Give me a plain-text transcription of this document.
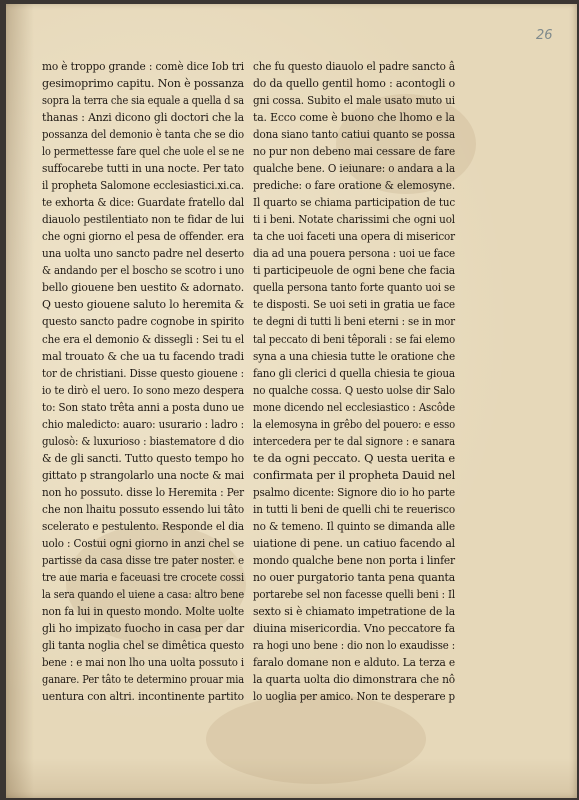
26
mo è troppo grande : comè dice Iob tri
gesimoprimo capitu. Non è possanza
sopra la terra che sia equale a quella d sa
thanas : Anzi dicono gli doctori che la
possanza del demonio è tanta che se dio
lo permettesse fare quel che uole el se ne
suffocarebe tutti in una nocte. Per tato
il propheta Salomone ecclesiastici.xi.ca.
te exhorta & dice: Guardate fratello dal
diauolo pestilentiato non te fidar de lui
che ogni giorno el pesa de offender. era
una uolta uno sancto padre nel deserto
& andando per el boscho se scotro i uno
bello giouene ben uestito & adornato.
Q uesto giouene saluto lo heremita &
questo sancto padre cognobe in spirito
che era el demonio & dissegli : Sei tu el
mal trouato & che ua tu facendo tradi
tor de christiani. Disse questo giouene :
io te dirò el uero. Io sono mezo despera
to: Son stato trêta anni a posta duno ue
chio maledicto: auaro: usurario : ladro :
gulosò: & luxurioso : biastematore d dio
& de gli sancti. Tutto questo tempo ho
gittato p strangolarlo una nocte & mai
non ho possuto. disse lo Heremita : Per
che non lhaitu possuto essendo lui tâto
scelerato e pestulento. Responde el dia
uolo : Costui ogni giorno in anzi chel se
partisse da casa disse tre pater noster. e
tre aue maria e faceuasi tre crocete cossi
la sera quando el uiene a casa: altro bene
non fa lui in questo mondo. Molte uolte
gli ho impizato fuocho in casa per dar
gli tanta noglia chel se dimêtica questo
bene : e mai non lho una uolta possuto i
ganare. Per tâto te determino prouar mia
uentura con altri. incontinente partito
che fu questo diauolo el padre sancto â
do da quello gentil homo : acontogli o
gni cossa. Subito el male usato muto ui
ta. Ecco come è buono che lhomo e la
dona siano tanto catiui quanto se possa
no pur non debeno mai cessare de fare
qualche bene. O ieiunare: o andara a la
prediche: o fare oratione & elemosyne.
Il quarto se chiama participation de tuc
ti i beni. Notate charissimi che ogni uol
ta che uoi faceti una opera di misericor
dia ad una pouera persona : uoi ue face
ti participeuole de ogni bene che facia
quella persona tanto forte quanto uoi se
te disposti. Se uoi seti in gratia ue face
te degni di tutti li beni eterni : se in mor
tal peccato di beni têporali : se fai elemo
syna a una chiesia tutte le oratione che
fano gli clerici d quella chiesia te gioua
no qualche cossa. Q uesto uolse dir Salo
mone dicendo nel ecclesiastico : Ascôde
la elemosyna in grêbo del pouero: e esso
intercedera per te dal signore : e sanara
te da ogni peccato. Q uesta uerita e
confirmata per il propheta Dauid nel
psalmo dicente: Signore dio io ho parte
in tutti li beni de quelli chi te reuerisco
no & temeno. Il quinto se dimanda alle
uiatione di pene. un catiuo facendo al
mondo qualche bene non porta i linfer
no ouer purgatorio tanta pena quanta
portarebe sel non facesse quelli beni : Il
sexto si è chiamato impetratione de la
diuina misericordia. Vno peccatore fa
ra hogi uno bene : dio non lo exaudisse :
faralo domane non e alduto. La terza e
la quarta uolta dio dimonstrara che nô
lo uoglia per amico. Non te desperare p
